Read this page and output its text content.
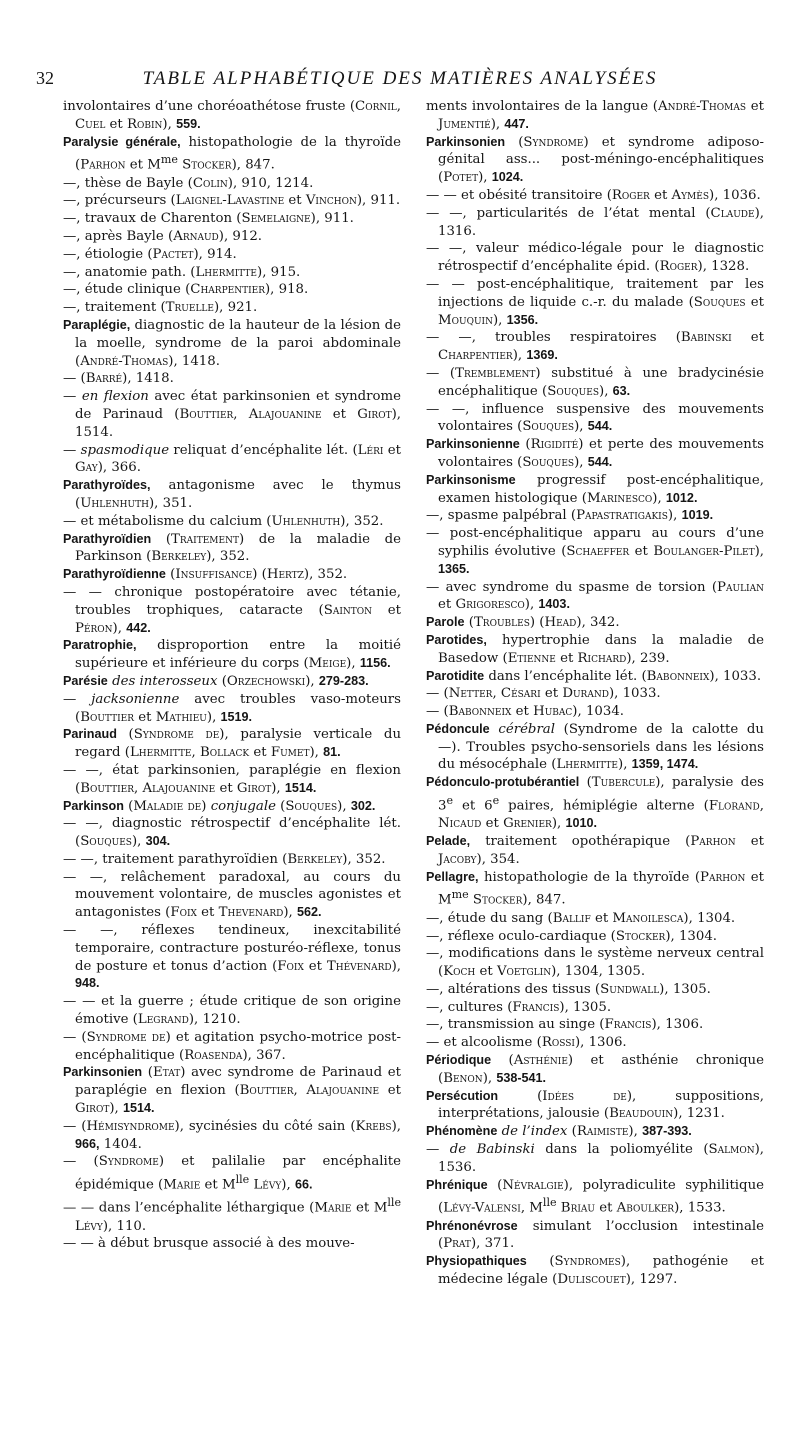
32	TABLE ALPHABÉTIQUE DES MATIÈRES ANALYSÉES
involontaires d’une choréoathétose fruste (Cornil, Cuel et Robin), 559.
Paralysie générale, histopathologie de la thyroïde (Parhon et $M^{me}$ Stocker), 847.
—, thèse de Bayle (Colin), 910, 1214.
—, précurseurs (Laignel-Lavastine et Vinchon), 911.
—, travaux de Charenton (Semelaigne), 911.
—, après Bayle (Arnaud), 912.
—, étiologie (Pactet), 914.
—, anatomie path. (Lhermitte), 915.
—, étude clinique (Charpentier), 918.
—, traitement (Truelle), 921.
Paraplégie, diagnostic de la hauteur de la lésion de la moelle, syndrome de la paroi abdominale (André-Thomas), 1418.
— (Barré), 1418.
— en flexion avec état parkinsonien et syndrome de Parinaud (Bouttier, Alajouanine et Girot), 1514.
— spasmodique reliquat d’encéphalite lét. (Léri et Gay), 366.
Parathyroïdes, antagonisme avec le thymus (Uhlenhuth), 351.
— et métabolisme du calcium (Uhlenhuth), 352.
Parathyroïdien (Traitement) de la maladie de Parkinson (Berkeley), 352.
Parathyroïdienne (Insuffisance) (Hertz), 352.
— — chronique postopératoire avec tétanie, troubles trophiques, cataracte (Sainton et Péron), 442.
Paratrophie, disproportion entre la moitié supérieure et inférieure du corps (Meige), 1156.
Parésie des interosseux (Orzechowski), 279-283.
— jacksonienne avec troubles vaso-moteurs (Bouttier et Mathieu), 1519.
Parinaud (Syndrome de), paralysie verticale du regard (Lhermitte, Bollack et Fumet), 81.
— —, état parkinsonien, paraplégie en flexion (Bouttier, Alajouanine et Girot), 1514.
Parkinson (Maladie de) conjugale (Souques), 302.
— —, diagnostic rétrospectif d’encéphalite lét. (Souques), 304.
— —, traitement parathyroïdien (Berkeley), 352.
— —, relâchement paradoxal, au cours du mouvement volontaire, de muscles agonistes et antagonistes (Foix et Thevenard), 562.
— —, réflexes tendineux, inexcitabilité temporaire, contracture posturéo-réflexe, tonus de posture et tonus d’action (Foix et Thévenard), 948.
— — et la guerre ; étude critique de son origine émotive (Legrand), 1210.
— (Syndrome de) et agitation psycho-motrice post-encéphalitique (Roasenda), 367.
Parkinsonien (Etat) avec syndrome de Parinaud et paraplégie en flexion (Bouttier, Alajouanine et Girot), 1514.
— (Hémisyndrome), sycinésies du côté sain (Krebs), 966, 1404.
— (Syndrome) et palilalie par encéphalite épidémique (Marie et $M^{lle}$ Lévy), 66.
— — dans l’encéphalite léthargique (Marie et $M^{lle}$ Lévy), 110.
— — à début brusque associé à des mouve-
ments involontaires de la langue (André-Thomas et Jumentié), 447.
Parkinsonien (Syndrome) et syndrome adiposo-génital ass... post-méningo-encéphalitiques (Potet), 1024.
— — et obésité transitoire (Roger et Aymès), 1036.
— —, particularités de l’état mental (Claude), 1316.
— —, valeur médico-légale pour le diagnostic rétrospectif d’encéphalite épid. (Roger), 1328.
— — post-encéphalitique, traitement par les injections de liquide c.-r. du malade (Souques et Mouquin), 1356.
— —, troubles respiratoires (Babinski et Charpentier), 1369.
— (Tremblement) substitué à une bradycinésie encéphalitique (Souques), 63.
— —, influence suspensive des mouvements volontaires (Souques), 544.
Parkinsonienne (Rigidité) et perte des mouvements volontaires (Souques), 544.
Parkinsonisme progressif post-encéphalitique, examen histologique (Marinesco), 1012.
—, spasme palpébral (Papastratigakis), 1019.
— post-encéphalitique apparu au cours d’une syphilis évolutive (Schaeffer et Boulanger-Pilet), 1365.
— avec syndrome du spasme de torsion (Paulian et Grigoresco), 1403.
Parole (Troubles) (Head), 342.
Parotides, hypertrophie dans la maladie de Basedow (Etienne et Richard), 239.
Parotidite dans l’encéphalite lét. (Babonneix), 1033.
— (Netter, Césari et Durand), 1033.
— (Babonneix et Hubac), 1034.
Pédoncule cérébral (Syndrome de la calotte du —). Troubles psycho-sensoriels dans les lésions du mésocéphale (Lhermitte), 1359, 1474.
Pédonculo-protubérantiel (Tubercule), paralysie des 3e et 6e paires, hémiplégie alterne (Florand, Nicaud et Grenier), 1010.
Pelade, traitement opothérapique (Parhon et Jacoby), 354.
Pellagre, histopathologie de la thyroïde (Parhon et $M^{me}$ Stocker), 847.
—, étude du sang (Ballif et Manoilesca), 1304.
—, réflexe oculo-cardiaque (Stocker), 1304.
—, modifications dans le système nerveux central (Koch et Voetglin), 1304, 1305.
—, altérations des tissus (Sundwall), 1305.
—, cultures (Francis), 1305.
—, transmission au singe (Francis), 1306.
— et alcoolisme (Rossi), 1306.
Périodique (Asthénie) et asthénie chronique (Benon), 538-541.
Persécution (Idées de), suppositions, interprétations, jalousie (Beaudouin), 1231.
Phénomène de l’index (Raimiste), 387-393.
— de Babinski dans la poliomyélite (Salmon), 1536.
Phrénique (Névralgie), polyradiculite syphilitique (Lévy-Valensi, $M^{lle}$ Briau et Aboulker), 1533.
Phrénonévrose simulant l’occlusion intestinale (Prat), 371.
Physiopathiques (Syndromes), pathogénie et médecine légale (Duliscouet), 1297.
